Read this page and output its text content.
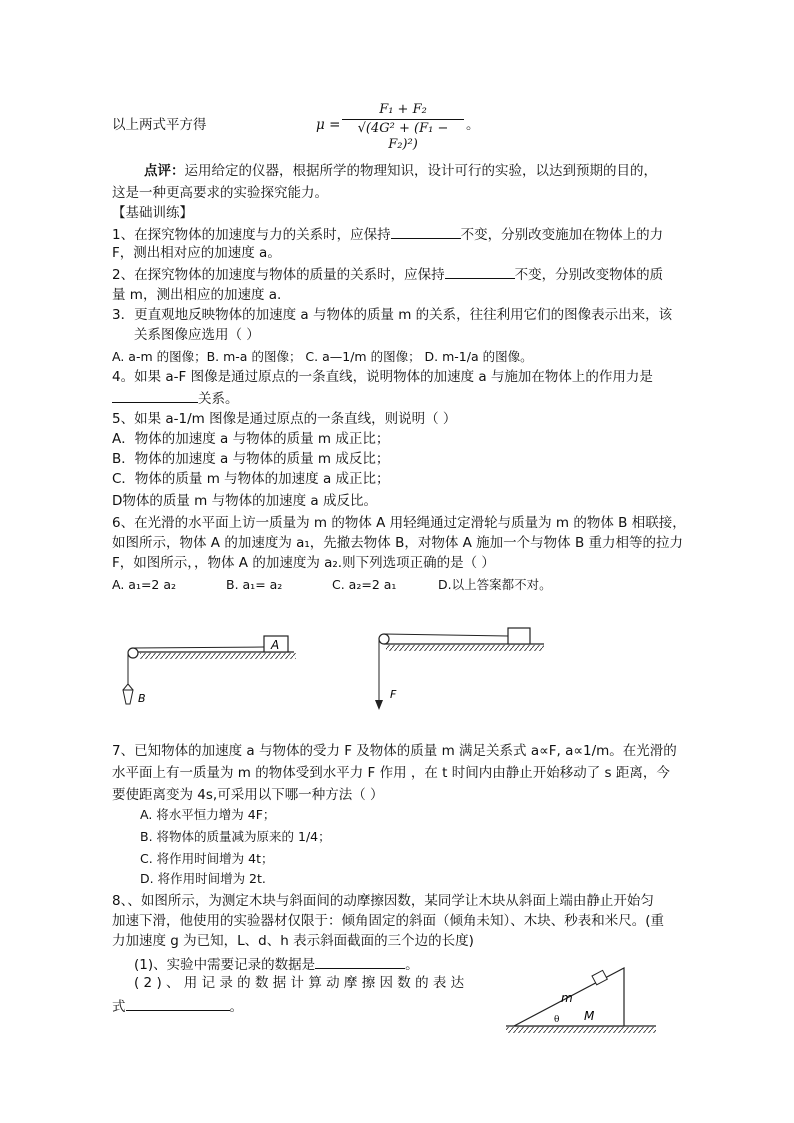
以上两式平方得	μ =
F₁ + F₂
√(4G² + (F₁ − F₂)²)
。
点评：运用给定的仪器，根据所学的物理知识，设计可行的实验，以达到预期的目的，
这是一种更高要求的实验探究能力。
【基础训练】
1、在探究物体的加速度与力的关系时，应保持	不变，分别改变施加在物体上的力
F，测出相对应的加速度 a。
2、在探究物体的加速度与物体的质量的关系时，应保持	不变，分别改变物体的质
量 m，测出相应的加速度 a.
3．更直观地反映物体的加速度 a 与物体的质量 m 的关系，往往利用它们的图像表示出来，该
关系图像应选用（ ）
A. a-m 的图像；B. m-a 的图像； C. a—1/m 的图像； D. m-1/a 的图像。
4。如果 a-F 图像是通过原点的一条直线，说明物体的加速度 a 与施加在物体上的作用力是
关系。
5、如果 a-1/m 图像是通过原点的一条直线，则说明（ ）
A．物体的加速度 a 与物体的质量 m 成正比；
B．物体的加速度 a 与物体的质量 m 成反比；
C．物体的质量 m 与物体的加速度 a 成正比；
D物体的质量 m 与物体的加速度 a 成反比。
6、在光滑的水平面上访一质量为 m 的物体 A 用轻绳通过定滑轮与质量为 m 的物体 B 相联接，
如图所示，物体 A 的加速度为 a₁，先撤去物体 B，对物体 A 施加一个与物体 B 重力相等的拉力
F，如图所示，，物体 A 的加速度为 a₂.则下列选项正确的是（ ）
A. a₁=2 a₂	B. a₁= a₂	C. a₂=2 a₁	D.以上答案都不对。
A
B	F
7、已知物体的加速度 a 与物体的受力 F 及物体的质量 m 满足关系式 a∝F, a∝1/m。在光滑的
水平面上有一质量为 m 的物体受到水平力 F 作用 ，在 t 时间内由静止开始移动了 s 距离，今
要使距离变为 4s,可采用以下哪一种方法（ ）
A. 将水平恒力增为 4F；
B. 将物体的质量减为原来的 1/4；
C. 将作用时间增为 4t；
D. 将作用时间增为 2t.
8、、如图所示，为测定木块与斜面间的动摩擦因数，某同学让木块从斜面上端由静止开始匀
加速下滑，他使用的实验器材仅限于：倾角固定的斜面（倾角未知）、木块、秒表和米尺。(重
力加速度 g 为已知，L、d、h 表示斜面截面的三个边的长度)
(1)、实验中需要记录的数据是	。
( 2 ) 、 用 记 录 的 数 据 计 算 动 摩 擦 因 数 的 表 达
式	。
m
M
θ
